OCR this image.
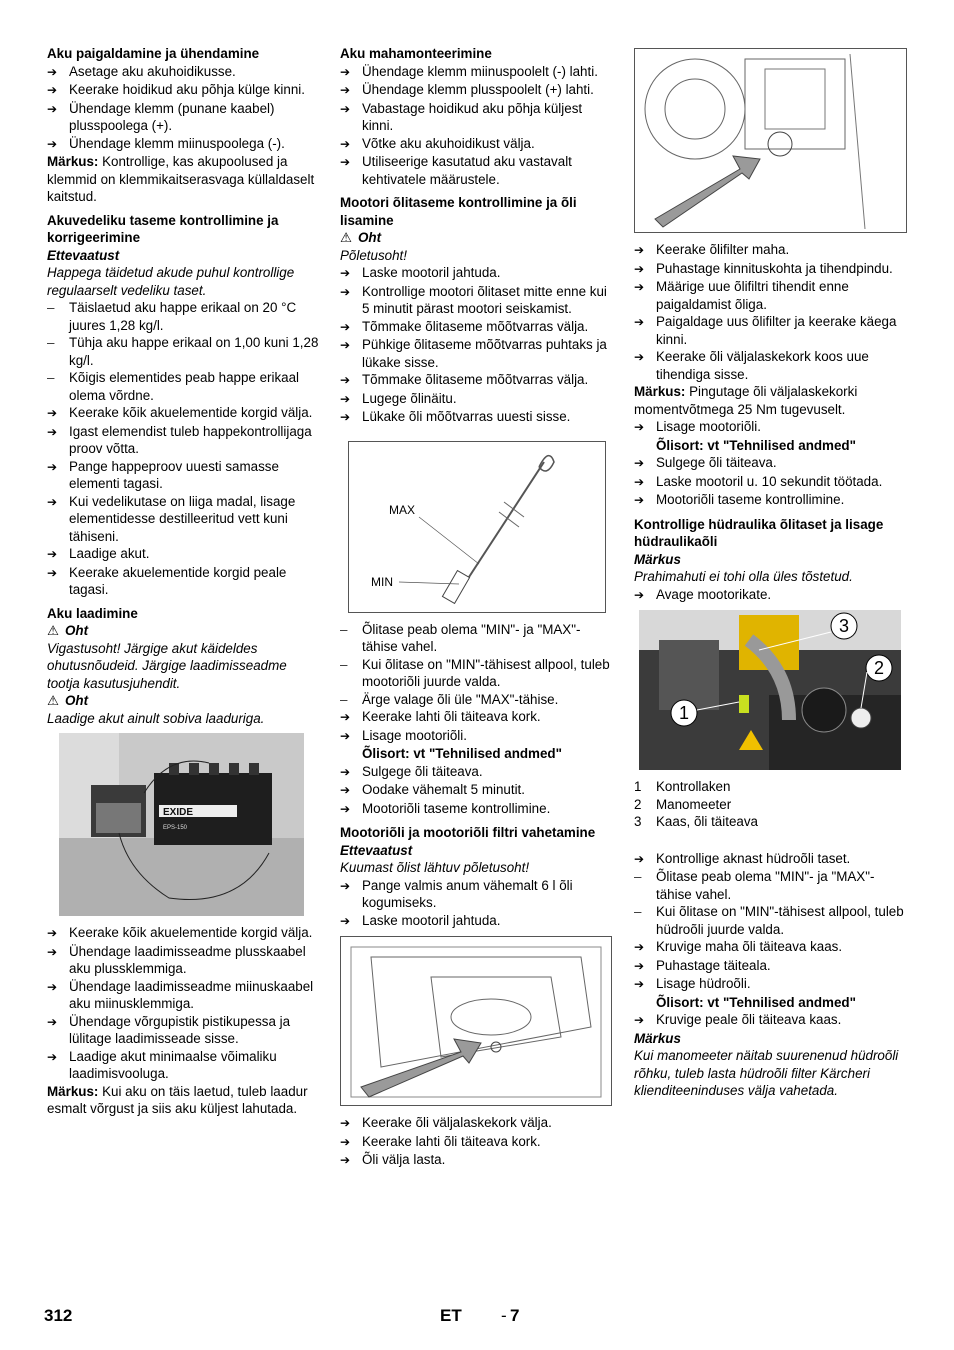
Aku paigaldamine ja ühendamine
➔
Asetage aku akuhoidikusse.
➔
Keerake hoidikud aku põhja külge kinni.
➔
Ühendage klemm (punane kaabel) plusspoolega (+).
➔
Ühendage klemm miinuspoolega (-).
Märkus: Kontrollige, kas akupoolused ja klemmid on klemmikaitserasvaga küllaldaselt kaitstud.
Akuvedeliku taseme kontrollimine ja korrigeerimine
Ettevaatust
Happega täidetud akude puhul kontrollige regulaarselt vedeliku taset.
–	Täislaetud aku happe erikaal on 20 °C juures 1,28 kg/l.
–	Tühja aku happe erikaal on 1,00 kuni 1,28 kg/l.
–	Kõigis elementides peab happe erikaal olema võrdne.
➔
Keerake kõik akuelementide korgid välja.
➔
Igast elemendist tuleb happekontrollijaga proov võtta.
➔
Pange happeproov uuesti samasse elementi tagasi.
➔
Kui vedelikutase on liiga madal, lisage elementidesse destilleeritud vett kuni tähiseni.
➔
Laadige akut.
➔
Keerake akuelementide korgid peale tagasi.
Aku laadimine
⚠ Oht
Vigastusoht! Järgige akut käideldes ohutusnõudeid. Järgige laadimisseadme tootja kasutusjuhendit.
⚠ Oht
Laadige akut ainult sobiva laaduriga.
EXIDE
EPS-150
➔
Keerake kõik akuelementide korgid välja.
➔
Ühendage laadimisseadme plusskaabel aku plussklemmiga.
➔
Ühendage laadimisseadme miinuskaabel aku miinusklemmiga.
➔
Ühendage võrgupistik pistikupessa ja lülitage laadimisseade sisse.
➔
Laadige akut minimaalse võimaliku laadimisvooluga.
Märkus: Kui aku on täis laetud, tuleb laadur esmalt võrgust ja siis aku küljest lahutada.
Aku mahamonteerimine
➔
Ühendage klemm miinuspoolelt (-) lahti.
➔
Ühendage klemm plusspoolelt (+) lahti.
➔
Vabastage hoidikud aku põhja küljest kinni.
➔
Võtke aku akuhoidikust välja.
➔
Utiliseerige kasutatud aku vastavalt kehtivatele määrustele.
Mootori õlitaseme kontrollimine ja õli lisamine
⚠ Oht
Põletusoht!
➔
Laske mootoril jahtuda.
➔
Kontrollige mootori õlitaset mitte enne kui 5 minutit pärast mootori seiskamist.
➔
Tõmmake õlitaseme mõõtvarras välja.
➔
Pühkige õlitaseme mõõtvarras puhtaks ja lükake sisse.
➔
Tõmmake õlitaseme mõõtvarras välja.
➔
Lugege õlinäitu.
➔
Lükake õli mõõtvarras uuesti sisse.
MAX
MIN
–	Õlitase peab olema "MIN"- ja "MAX"-tähise vahel.
–	Kui õlitase on "MIN"-tähisest allpool, tuleb mootoriõli juurde valda.
–	Ärge valage õli üle "MAX"-tähise.
➔
Keerake lahti õli täiteava kork.
➔
Lisage mootoriõli.
Õlisort: vt "Tehnilised andmed"
➔
Sulgege õli täiteava.
➔
Oodake vähemalt 5 minutit.
➔
Mootoriõli taseme kontrollimine.
Mootoriõli ja mootoriõli filtri vahetamine
Ettevaatust
Kuumast õlist lähtuv põletusoht!
➔
Pange valmis anum vähemalt 6 l õli kogumiseks.
➔
Laske mootoril jahtuda.
➔
Keerake õli väljalaskekork välja.
➔
Keerake lahti õli täiteava kork.
➔
Õli välja lasta.
➔
Keerake õlifilter maha.
➔
Puhastage kinnituskohta ja tihendpindu.
➔
Määrige uue õlifiltri tihendit enne paigaldamist õliga.
➔
Paigaldage uus õlifilter ja keerake käega kinni.
➔
Keerake õli väljalaskekork koos uue tihendiga sisse.
Märkus: Pingutage õli väljalaskekorki momentvõtmega 25 Nm tugevuselt.
➔
Lisage mootoriõli.
Õlisort: vt "Tehnilised andmed"
➔
Sulgege õli täiteava.
➔
Laske mootoril u. 10 sekundit töötada.
➔
Mootoriõli taseme kontrollimine.
Kontrollige hüdraulika õlitaset ja lisage hüdraulikaõli
Märkus
Prahimahuti ei tohi olla üles tõstetud.
➔
Avage mootorikate.
3
2
1
1	Kontrollaken
2	Manomeeter
3	Kaas, õli täiteava
➔
Kontrollige aknast hüdroõli taset.
–	Õlitase peab olema "MIN"- ja "MAX"-tähise vahel.
–	Kui õlitase on "MIN"-tähisest allpool, tuleb hüdroõli juurde valda.
➔
Kruvige maha õli täiteava kaas.
➔
Puhastage täiteala.
➔
Lisage hüdroõli.
Õlisort: vt "Tehnilised andmed"
➔
Kruvige peale õli täiteava kaas.
Märkus
Kui manomeeter näitab suurenenud hüdroõli rõhku, tuleb lasta hüdroõli filter Kärcheri klienditeeninduses välja vahetada.
312	ET - 7
